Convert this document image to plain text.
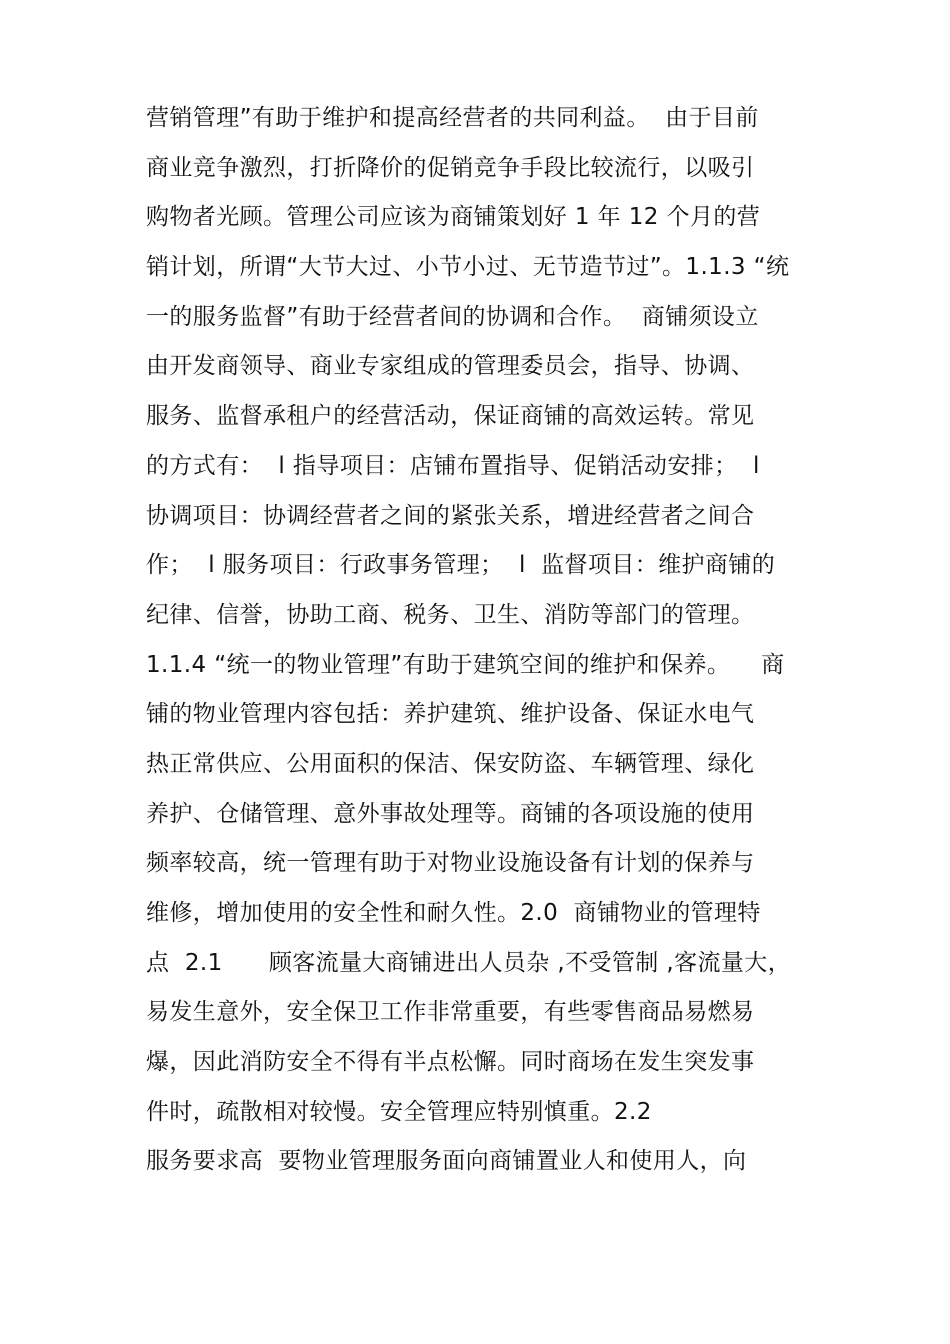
营销管理”有助于维护和提高经营者的共同利益。  由于目前
商业竞争激烈，打折降价的促销竞争手段比较流行，以吸引
购物者光顾。管理公司应该为商铺策划好 1 年 12 个月的营
销计划，所谓“大节大过、小节小过、无节造节过”。1.1.3 “统
一的服务监督”有助于经营者间的协调和合作。  商铺须设立
由开发商领导、商业专家组成的管理委员会，指导、协调、
服务、监督承租户的经营活动，保证商铺的高效运转。常见
的方式有：  l 指导项目：店铺布置指导、促销活动安排；  l
协调项目：协调经营者之间的紧张关系，增进经营者之间合
作；  l 服务项目：行政事务管理；  l  监督项目：维护商铺的
纪律、信誉，协助工商、税务、卫生、消防等部门的管理。
1.1.4 “统一的物业管理”有助于建筑空间的维护和保养。    商
铺的物业管理内容包括：养护建筑、维护设备、保证水电气
热正常供应、公用面积的保洁、保安防盗、车辆管理、绿化
养护、仓储管理、意外事故处理等。商铺的各项设施的使用
频率较高，统一管理有助于对物业设施设备有计划的保养与
维修，增加使用的安全性和耐久性。2.0  商铺物业的管理特
点  2.1      顾客流量大商铺进出人员杂 ,不受管制 ,客流量大，
易发生意外，安全保卫工作非常重要，有些零售商品易燃易
爆，因此消防安全不得有半点松懈。同时商场在发生突发事
件时，疏散相对较慢。安全管理应特别慎重。2.2
服务要求高  要物业管理服务面向商铺置业人和使用人，向
